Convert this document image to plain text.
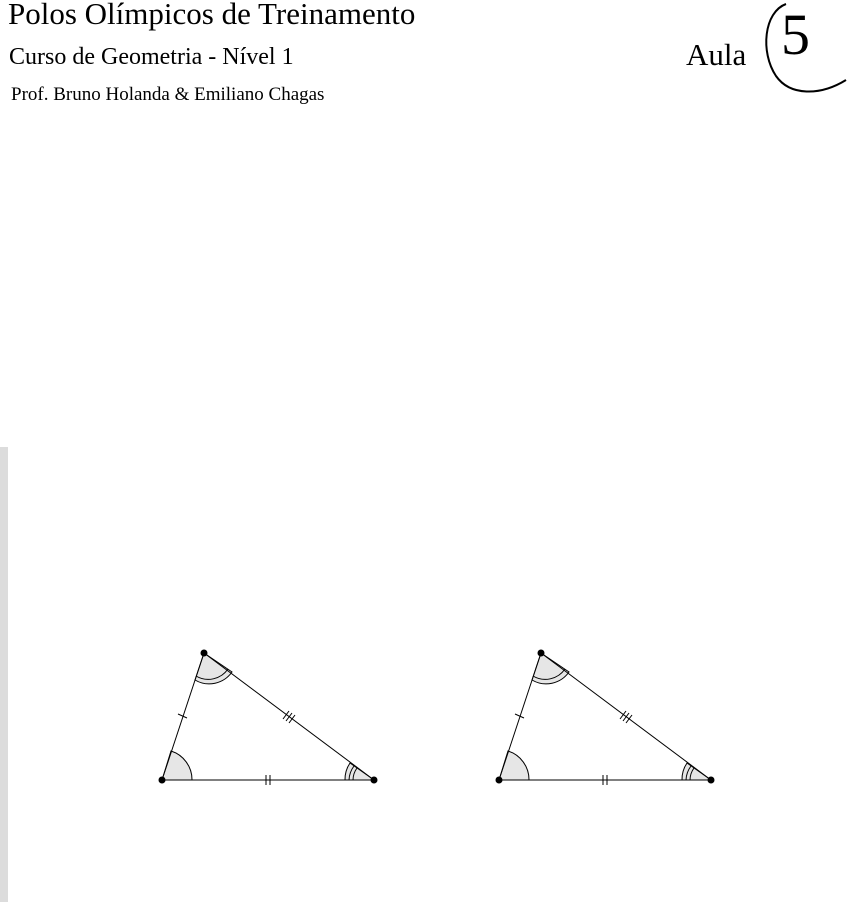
Polos Olímpicos de Treinamento
Curso de Geometria - Nível 1
Prof. Bruno Holanda & Emiliano Chagas
Aula 5
